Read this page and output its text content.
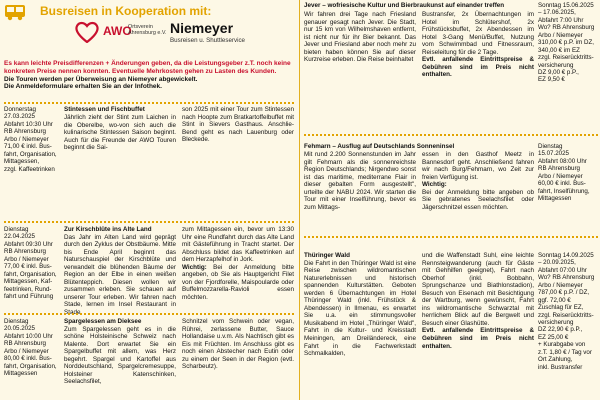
Busreisen in Kooperation mit:
AWO
Ortsverein Ahrensburg e.V. Niemeyer
Busreisen u. Shuttleservice
Es kann leichte Preisdifferenzen + Änderungen geben, da die Leistungsgeber z.T. noch keine konkreten Preise nennen konnten. Eventuelle Mehrkosten gehen zu Lasten des Kunden.
Die Touren werden per Überweisung an Niemeyer abgewickelt.
Die Anmeldeformulare erhalten Sie an der Infothek.
Donnerstag
27.03.2025
Abfahrt 10:30 Uhr
RB Ahrensburg
Arbo / Niemeyer
71,00 € inkl. Bus-
fahrt, Organisation,
Mittagessen,
zzgl. Kaffeetrinken
Stintessen und Fischbuffet

Jährlich zieht der Stint zum Laichen in die Oberelbe, wo-von sich auch die kulinarische Stintessen Saison beginnt. Auch für die Freunde der AWO Touren beginnt die Sai-

son 2025 mit einer Tour zum Stintessen nach Hoopte zum Bratkartoffelbuffet mit Stint in Sievers Gasthaus. Anschlie-Bend geht es nach Lauenburg oder Bleckede.

Dienstag
22.04.2025
Abfahrt 09:30 Uhr
RB Ahrensburg
Arbo / Niemeyer
77,00 € inkl. Bus-
fahrt, Organisation,
Mittagessen, Kaf-
feetrinken, Rund-
fahrt und Führung
Zur Kirschblüte ins Alte Land

Das Jahr im Alten Land wird geprägt durch den Zyklus der Obstbäume. Mitte bis Ende April beginnt das Naturschauspiel der Kirschblüte und verwandelt die blühenden Bäume der Region an der Elbe in einen weißen Blütenteppich. Diesen wollen wir zusammen erleben. Sie schauen auf unserer Tour erleben. Wir fahren nach Stade, lernen im Insel Restaurant in Stade

zum Mittagessen ein, bevor um 13:30 Uhr eine Rundfahrt durch das Alte Land mit Gästeführung in Tracht startet. Der Abschluss bildet das Kaffeetrinken auf dem Herzapfelhof in Jork.

Wichtig: Bei der Anmeldung bitte angeben, ob Sie als Hauptgericht Filet von der Fjordforelle, Maispoularde oder Buffelmozzarella-Ravioli essen möchten.

Dienstag
20.05.2025
Abfahrt 10:00 Uhr
RB Ahrensburg
Arbo / Niemeyer
80,00 € inkl. Bus-
fahrt, Organisation,
Mittagessen
Spargelessen am Dieksee

Zum Spargelessen geht es in die schöne Holsteinische Schweiz nach Malente. Dort erwartet Sie ein Spargelbuffet mit allem, was Herz begehrt. Spargel und Kartoffel aus Norddeutschland, Spargelcremesuppe, Holsteiner Katenschinken, Seelachsfilet,

Schnitzel vom Schwein oder vegan, Rührei, zerlassene Butter, Sauce Hollandaise u.v.m. Als Nachtisch gibt es Eis mit Früchten. Im Anschluss gibt es noch einen Abstecher nach Eutin oder zu einem der Seen in der Region (evtl. Scharbeutz).

Jever – wofriesische Kultur und Bierbraukunst auf einander treffen

Wir fahren drei Tage nach Friesland genauer gesagt nach Jever. Die Stadt, nur 15 km von Wilhelmshaven entfernt, ist nicht nur für ihr Bier bekannt. Das Jever und Friesland aber noch mehr zu bieten haben können Sie auf dieser Kurzreise erleben. Die Reise beinhaltet

Bustransfer, 2x Übernachtungen im Hotel im Schlütershof, 2x Frühstücksbuffet, 2x Abendessen im Hotel 3-Gang Menü/Buffet, Nutzung vom Schwimmbad und Fitnessraum, Reiseleitung für die 2 Tage.

Evtl. anfallende Eintrittspreise & Gebühren sind im Preis nicht enthalten.

Sonntag 15.06.2025
– 17.06.2025,
Abfahrt 7:00 Uhr
Wo? RB Ahrensburg
Arbo / Niemeyer
310,00 € p.P. im DZ,
340,00 € im EZ
zzgl. Reiserücktritts-
versicherung
DZ 9,00 € p.P.,
EZ 9,50 €
Fehmarn – Ausflug auf Deutschlands Sonneninsel

Mit rund 2.200 Sonnenstunden im Jahr gilt Fehmarn als die sonnenreichste Region Deutschlands; Nirgendwo sonst ist das maritime, mediterrane Flair in dieser gebalten Form ausgestellt", urteilte der NABU 2024. Wir starten die Tour mit einer Inselführung, bevor es zum Mittags-

essen in den Gasthof Meetz in Bannesdorf geht. Anschließend fahren wir nach Burg/Fehmarn, wo Zeit zur freien Verfügung ist.

Wichtig:

Bei der Anmeldung bitte angeben ob Sie gebratenes Seelachsfilet oder Jägerschnitzel essen möchten.

Dienstag
15.07.2025
Abfahrt 08:00 Uhr
RB Ahrensburg
Arbo / Niemeyer
60,00 € inkl. Bus-
fahrt, Inselführung,
Mittagessen
Thüringer Wald

Die Fahrt in den Thüringer Wald ist eine Reise zwischen wildromantischen Naturerlebnissen und historisch spannenden Kulturstätten. Geboten werden 6 Übernachtungen im Hotel Thüringer Wald (inkl. Frühstück & Abendessen) in Ilmenau, es erwartet Sie u.a. ein stimmungsvoller Musikabend im Hotel „Thüringer Wald", Fahrt in die Kultur- und Kreisstadt Meiningen, am Dreiländereck, eine Fahrt in die Fachwerkstadt Schmalkalden,

und die Waffenstadt Suhl, eine leichte Rennsteigwanderung (auch für Gäste mit Gehhilfen geeignet), Fahrt nach Oberhof (inkl. Bobbahn, Sprungschanze und Biathlonstadion), Besuch von Eisenach mit Besichtigung der Wartburg, wenn gewünscht, Fahrt ins wildromantische Schwarztal mit herrlichem Blick auf die Bergwelt und Besuch einer Glashütte.

Evtl. anfallende Eintrittspreise & Gebühren sind im Preis nicht enthalten.

Sonntag 14.09.2025
– 20.09.2025,
Abfahrt 07:00 Uhr
Wo? RB Ahrensburg
Arbo / Niemeyer
787,00 € p.P. / DZ,
ggf. 72,00 €
Zuschlag für EZ,
zzgl. Reiserücktritts-
versicherung
DZ 22,90 € p.P.,
EZ 25,00 €
+ Kurabgabe von
z.T. 1,80 € / Tag vor
Ort Zahlung,
inkl. Bustransfer
